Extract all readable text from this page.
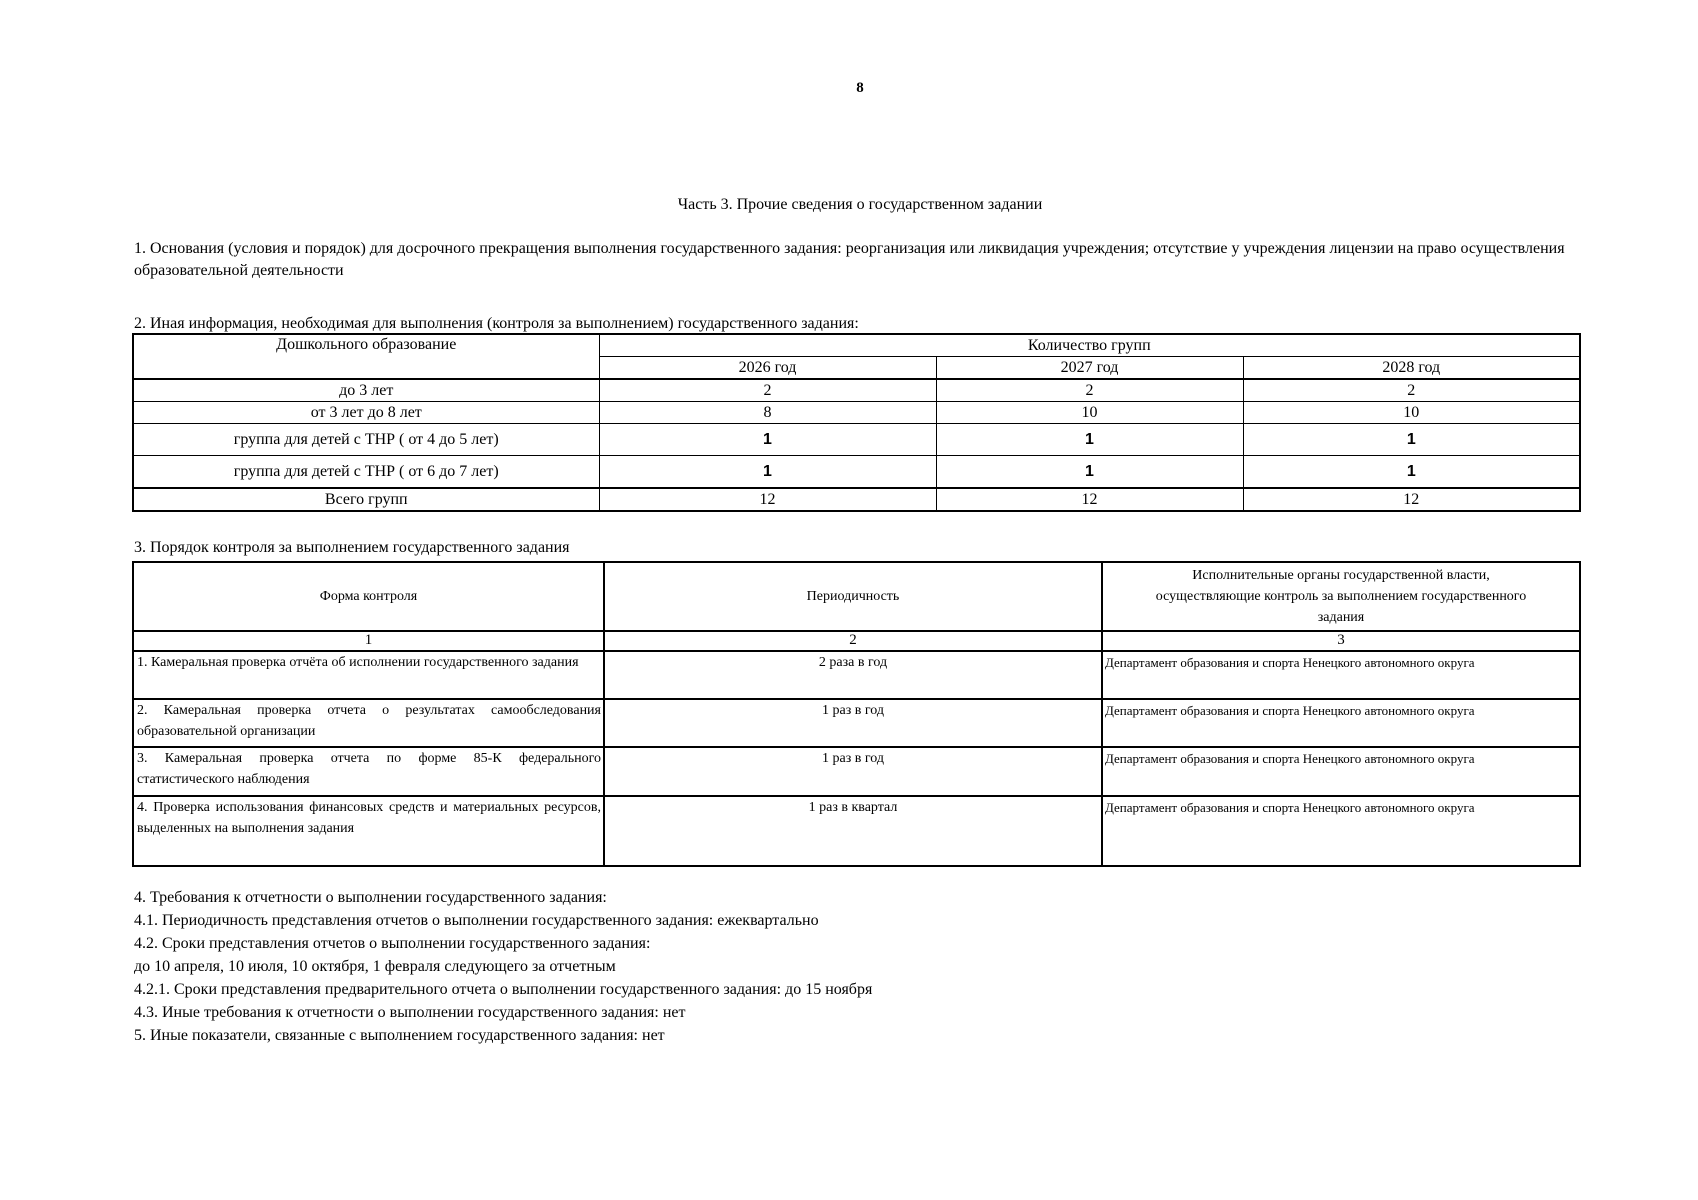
8
Часть 3. Прочие сведения о государственном задании
1. Основания (условия и порядок) для досрочного прекращения выполнения государственного задания: реорганизация или ликвидация учреждения; отсутствие у учреждения лицензии на право осуществления образовательной деятельности
2. Иная информация, необходимая для выполнения (контроля за выполнением) государственного задания:
Дошкольного образование	Количество групп		
	2026 год	2027 год	2028 год
до 3 лет	2	2	2
от 3 лет до 8 лет	8	10	10
группа для детей с ТНР ( от 4 до 5 лет)	1	1	1
группа для детей с ТНР ( от 6 до 7 лет)	1	1	1
Всего групп	12	12	12
3. Порядок контроля за выполнением государственного задания
Форма контроля	Периодичность	Исполнительные органы государственной власти, осуществляющие контроль за выполнением государственного задания
1	2	3
1. Камеральная проверка отчёта об исполнении государственного задания	2 раза в год	Департамент образования и спорта Ненецкого автономного округа
2. Камеральная проверка отчета о результатах самообследования образовательной организации	1 раз в год	Департамент образования и спорта Ненецкого автономного округа
3. Камеральная проверка отчета по форме 85-К федерального статистического наблюдения	1 раз в год	Департамент образования и спорта Ненецкого автономного округа
4. Проверка использования финансовых средств и материальных ресурсов, выделенных на выполнения задания	1 раз в квартал	Департамент образования и спорта Ненецкого автономного округа
4. Требования к отчетности о выполнении государственного задания:
4.1. Периодичность представления отчетов о выполнении государственного задания: ежеквартально
4.2. Сроки представления отчетов о выполнении государственного задания:
до 10 апреля, 10 июля, 10 октября, 1 февраля следующего за отчетным
4.2.1. Сроки представления предварительного отчета о выполнении государственного задания: до 15 ноября
4.3. Иные требования к отчетности о выполнении государственного задания: нет
5. Иные показатели, связанные с выполнением государственного задания: нет
